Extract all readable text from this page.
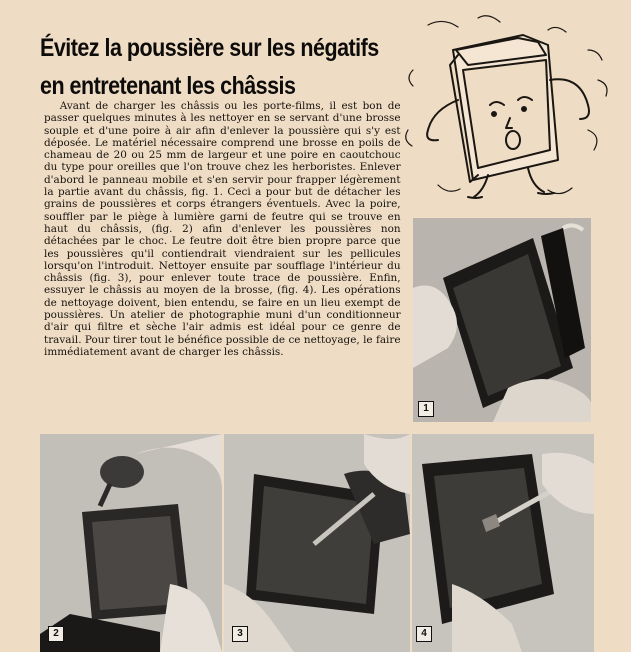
Évitez la poussière sur les négatifs
en entretenant les châssis

Avant de charger les châssis ou les porte-films, il est bon de passer quelques minutes à les nettoyer en se servant d'une brosse souple et d'une poire à air afin d'enlever la poussière qui s'y est déposée. Le matériel nécessaire comprend une brosse en poils de chameau de 20 ou 25 mm de largeur et une poire en caoutchouc du type pour oreilles que l'on trouve chez les herboristes. Enlever d'abord le panneau mobile et s'en servir pour frapper légèrement la partie avant du châssis, fig. 1. Ceci a pour but de détacher les grains de poussières et corps étrangers éventuels. Avec la poire, souffler par le piège à lumière garni de feutre qui se trouve en haut du châssis, (fig. 2) afin d'enlever les poussières non détachées par le choc. Le feutre doit être bien propre parce que les poussières qu'il contiendrait viendraient sur les pellicules lorsqu'on l'introduit. Nettoyer ensuite par soufflage l'intérieur du châssis (fig. 3), pour enlever toute trace de poussière. Enfin, essuyer le châssis au moyen de la brosse, (fig. 4). Les opérations de nettoyage doivent, bien entendu, se faire en un lieu exempt de poussières. Un atelier de photographie muni d'un conditionneur d'air qui filtre et sèche l'air admis est idéal pour ce genre de travail. Pour tirer tout le bénéfice possible de ce nettoyage, le faire immédiatement avant de charger les châssis.

1
2	3	4
